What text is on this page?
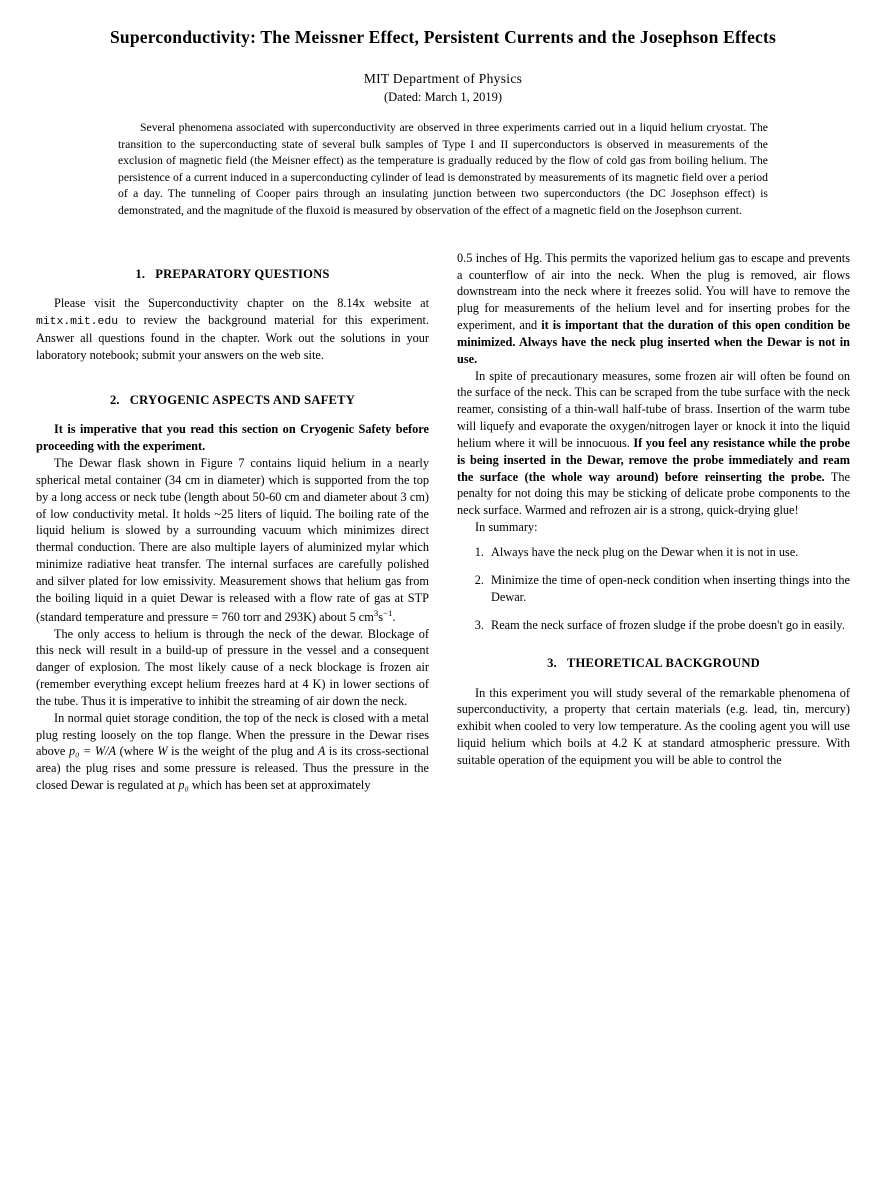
Superconductivity: The Meissner Effect, Persistent Currents and the Josephson Effects
MIT Department of Physics
(Dated: March 1, 2019)
Several phenomena associated with superconductivity are observed in three experiments carried out in a liquid helium cryostat. The transition to the superconducting state of several bulk samples of Type I and II superconductors is observed in measurements of the exclusion of magnetic field (the Meisner effect) as the temperature is gradually reduced by the flow of cold gas from boiling helium. The persistence of a current induced in a superconducting cylinder of lead is demonstrated by measurements of its magnetic field over a period of a day. The tunneling of Cooper pairs through an insulating junction between two superconductors (the DC Josephson effect) is demonstrated, and the magnitude of the fluxoid is measured by observation of the effect of a magnetic field on the Josephson current.
1. PREPARATORY QUESTIONS

Please visit the Superconductivity chapter on the 8.14x website at mitx.mit.edu to review the background material for this experiment. Answer all questions found in the chapter. Work out the solutions in your laboratory notebook; submit your answers on the web site.

2. CRYOGENIC ASPECTS AND SAFETY

It is imperative that you read this section on Cryogenic Safety before proceeding with the experiment.

The Dewar flask shown in Figure 7 contains liquid helium in a nearly spherical metal container (34 cm in diameter) which is supported from the top by a long access or neck tube (length about 50-60 cm and diameter about 3 cm) of low conductivity metal. It holds ~25 liters of liquid. The boiling rate of the liquid helium is slowed by a surrounding vacuum which minimizes direct thermal conduction. There are also multiple layers of aluminized mylar which minimize radiative heat transfer. The internal surfaces are carefully polished and silver plated for low emissivity. Measurement shows that helium gas from the boiling liquid in a quiet Dewar is released with a flow rate of gas at STP (standard temperature and pressure = 760 torr and 293K) about 5 $cm^3s^{-1}$.

The only access to helium is through the neck of the dewar. Blockage of this neck will result in a build-up of pressure in the vessel and a consequent danger of explosion. The most likely cause of a neck blockage is frozen air (remember everything except helium freezes hard at 4 K) in lower sections of the tube. Thus it is imperative to inhibit the streaming of air down the neck.

In normal quiet storage condition, the top of the neck is closed with a metal plug resting loosely on the top flange. When the pressure in the Dewar rises above p₀ = W/A (where W is the weight of the plug and A is its cross-sectional area) the plug rises and some pressure is released. Thus the pressure in the closed Dewar is regulated at p₀ which has been set at approximately

0.5 inches of Hg. This permits the vaporized helium gas to escape and prevents a counterflow of air into the neck. When the plug is removed, air flows downstream into the neck where it freezes solid. You will have to remove the plug for measurements of the helium level and for inserting probes for the experiment, and it is important that the duration of this open condition be minimized. Always have the neck plug inserted when the Dewar is not in use.

In spite of precautionary measures, some frozen air will often be found on the surface of the neck. This can be scraped from the tube surface with the neck reamer, consisting of a thin-wall half-tube of brass. Insertion of the warm tube will liquefy and evaporate the oxygen/nitrogen layer or knock it into the liquid helium where it will be innocuous. If you feel any resistance while the probe is being inserted in the Dewar, remove the probe immediately and ream the surface (the whole way around) before reinserting the probe. The penalty for not doing this may be sticking of delicate probe components to the neck surface. Warmed and refrozen air is a strong, quick-drying glue!

In summary:

1. Always have the neck plug on the Dewar when it is not in use.
2. Minimize the time of open-neck condition when inserting things into the Dewar.
3. Ream the neck surface of frozen sludge if the probe doesn't go in easily.
3. THEORETICAL BACKGROUND

In this experiment you will study several of the remarkable phenomena of superconductivity, a property that certain materials (e.g. lead, tin, mercury) exhibit when cooled to very low temperature. As the cooling agent you will use liquid helium which boils at 4.2 K at standard atmospheric pressure. With suitable operation of the equipment you will be able to control the
